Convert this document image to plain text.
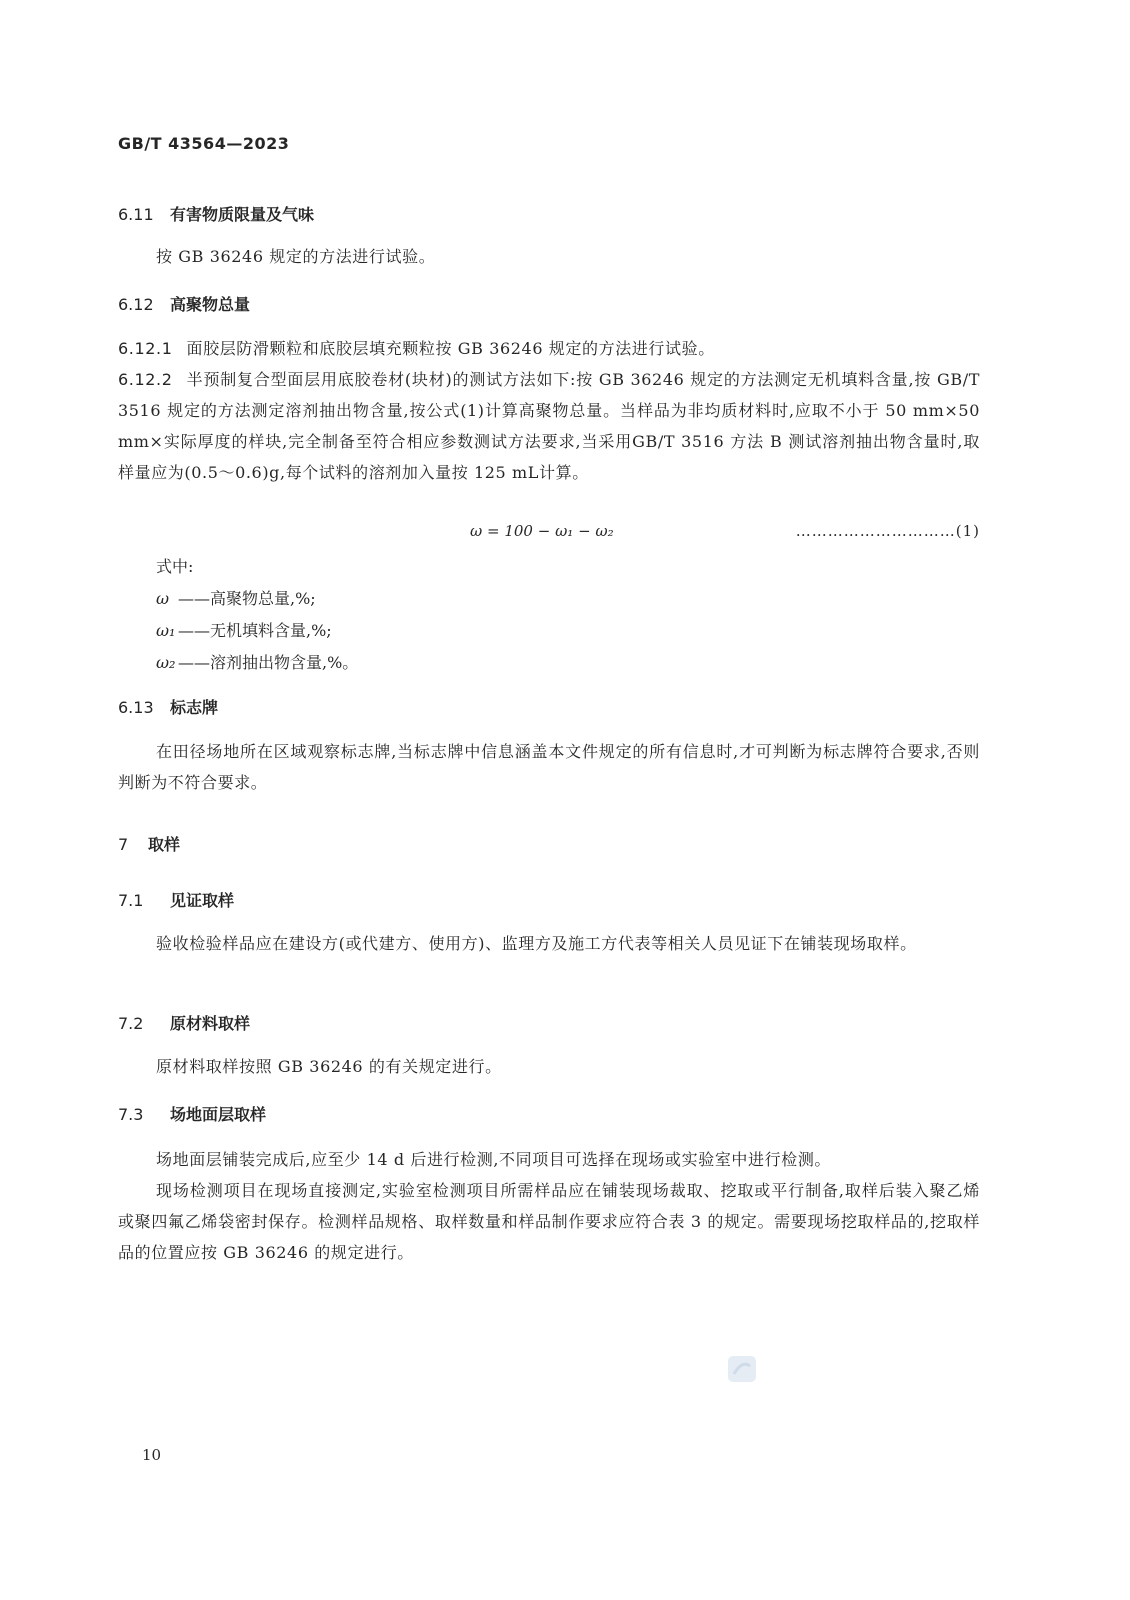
GB/T 43564—2023
6.11 有害物质限量及气味
按 GB 36246 规定的方法进行试验。
6.12 高聚物总量
6.12.1 面胶层防滑颗粒和底胶层填充颗粒按 GB 36246 规定的方法进行试验。
6.12.2 半预制复合型面层用底胶卷材(块材)的测试方法如下:按 GB 36246 规定的方法测定无机填料含量,按 GB/T 3516 规定的方法测定溶剂抽出物含量,按公式(1)计算高聚物总量。当样品为非均质材料时,应取不小于 50 mm×50 mm×实际厚度的样块,完全制备至符合相应参数测试方法要求,当采用GB/T 3516 方法 B 测试溶剂抽出物含量时,取样量应为(0.5～0.6)g,每个试料的溶剂加入量按 125 mL计算。
ω = 100 − ω₁ − ω₂	…………………………(1)
式中:
ω ——高聚物总量,%;
ω₁ ——无机填料含量,%;
ω₂ ——溶剂抽出物含量,%。
6.13 标志牌
在田径场地所在区域观察标志牌,当标志牌中信息涵盖本文件规定的所有信息时,才可判断为标志牌符合要求,否则判断为不符合要求。
7 取样
7.1 见证取样
验收检验样品应在建设方(或代建方、使用方)、监理方及施工方代表等相关人员见证下在铺装现场取样。
7.2 原材料取样
原材料取样按照 GB 36246 的有关规定进行。
7.3 场地面层取样
场地面层铺装完成后,应至少 14 d 后进行检测,不同项目可选择在现场或实验室中进行检测。
现场检测项目在现场直接测定,实验室检测项目所需样品应在铺装现场裁取、挖取或平行制备,取样后装入聚乙烯或聚四氟乙烯袋密封保存。检测样品规格、取样数量和样品制作要求应符合表 3 的规定。需要现场挖取样品的,挖取样品的位置应按 GB 36246 的规定进行。
10
